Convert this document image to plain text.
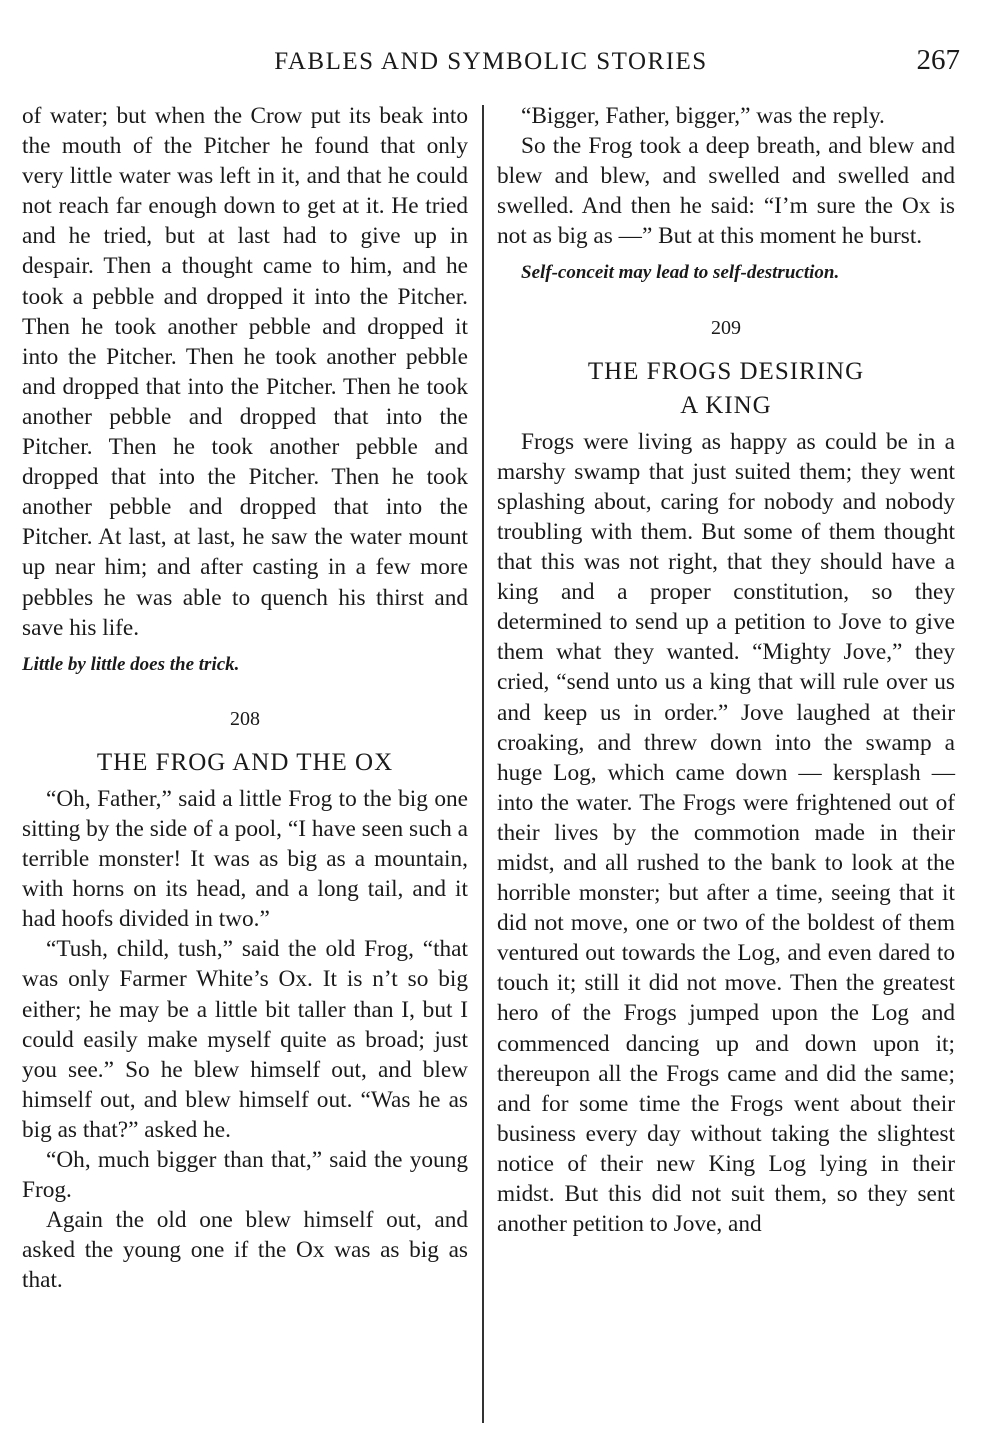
FABLES AND SYMBOLIC STORIES	267

of water; but when the Crow put its beak into the mouth of the Pitcher he found that only very little water was left in it, and that he could not reach far enough down to get at it. He tried and he tried, but at last had to give up in despair. Then a thought came to him, and he took a pebble and dropped it into the Pitcher. Then he took another pebble and dropped it into the Pitcher. Then he took another pebble and dropped that into the Pitcher. Then he took another pebble and dropped that into the Pitcher. Then he took another pebble and dropped that into the Pitcher. Then he took another pebble and dropped that into the Pitcher. At last, at last, he saw the water mount up near him; and after casting in a few more pebbles he was able to quench his thirst and save his life.

Little by little does the trick.

208
THE FROG AND THE OX

“Oh, Father,” said a little Frog to the big one sitting by the side of a pool, “I have seen such a terrible monster! It was as big as a mountain, with horns on its head, and a long tail, and it had hoofs divided in two.”

“Tush, child, tush,” said the old Frog, “that was only Farmer White’s Ox. It is n’t so big either; he may be a little bit taller than I, but I could easily make myself quite as broad; just you see.” So he blew himself out, and blew himself out, and blew himself out. “Was he as big as that?” asked he.

“Oh, much bigger than that,” said the young Frog.

Again the old one blew himself out, and asked the young one if the Ox was as big as that.

“Bigger, Father, bigger,” was the reply.

So the Frog took a deep breath, and blew and blew and blew, and swelled and swelled and swelled. And then he said: “I’m sure the Ox is not as big as —” But at this moment he burst.

Self-conceit may lead to self-destruction.

209
THE FROGS DESIRING
A KING

Frogs were living as happy as could be in a marshy swamp that just suited them; they went splashing about, caring for nobody and nobody troubling with them. But some of them thought that this was not right, that they should have a king and a proper constitution, so they determined to send up a petition to Jove to give them what they wanted. “Mighty Jove,” they cried, “send unto us a king that will rule over us and keep us in order.” Jove laughed at their croaking, and threw down into the swamp a huge Log, which came down — kersplash — into the water. The Frogs were frightened out of their lives by the commotion made in their midst, and all rushed to the bank to look at the horrible monster; but after a time, seeing that it did not move, one or two of the boldest of them ventured out towards the Log, and even dared to touch it; still it did not move. Then the greatest hero of the Frogs jumped upon the Log and commenced dancing up and down upon it; thereupon all the Frogs came and did the same; and for some time the Frogs went about their business every day without taking the slightest notice of their new King Log lying in their midst. But this did not suit them, so they sent another petition to Jove, and
